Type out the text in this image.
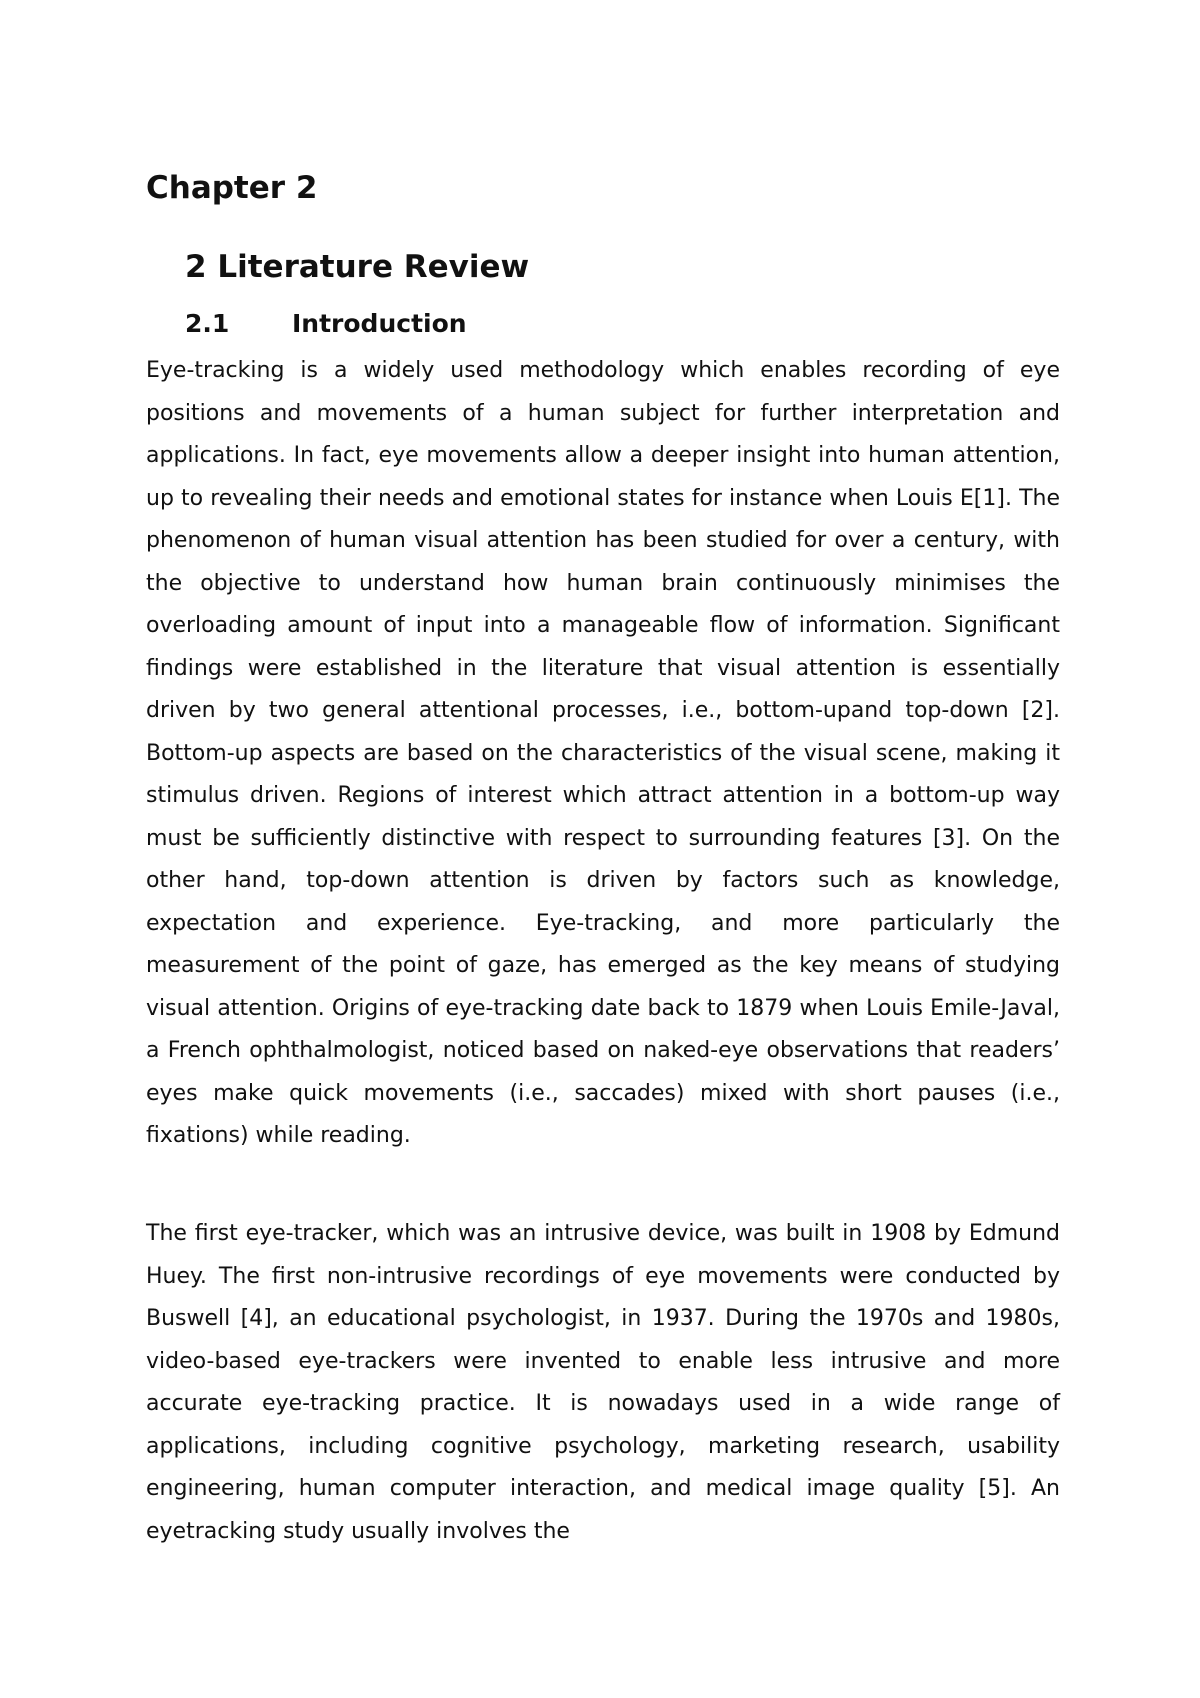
Chapter 2
2 Literature Review
2.1	Introduction

Eye-tracking is a widely used methodology which enables recording of eye positions and movements of a human subject for further interpretation and applications. In fact, eye movements allow a deeper insight into human attention, up to revealing their needs and emotional states for instance when Louis E[1]. The phenomenon of human visual attention has been studied for over a century, with the objective to understand how human brain continuously minimises the overloading amount of input into a manageable flow of information. Significant findings were established in the literature that visual attention is essentially driven by two general attentional processes, i.e., bottom-upand top-down [2]. Bottom-up aspects are based on the characteristics of the visual scene, making it stimulus driven. Regions of interest which attract attention in a bottom-up way must be sufficiently distinctive with respect to surrounding features [3]. On the other hand, top-down attention is driven by factors such as knowledge, expectation and experience. Eye-tracking, and more particularly the measurement of the point of gaze, has emerged as the key means of studying visual attention. Origins of eye-tracking date back to 1879 when Louis Emile-Javal, a French ophthalmologist, noticed based on naked-eye observations that readers’ eyes make quick movements (i.e., saccades) mixed with short pauses (i.e., fixations) while reading.

The first eye-tracker, which was an intrusive device, was built in 1908 by Edmund Huey. The first non-intrusive recordings of eye movements were conducted by Buswell [4], an educational psychologist, in 1937. During the 1970s and 1980s, video-based eye-trackers were invented to enable less intrusive and more accurate eye-tracking practice. It is nowadays used in a wide range of applications, including cognitive psychology, marketing research, usability engineering, human computer interaction, and medical image quality [5]. An eyetracking study usually involves the
